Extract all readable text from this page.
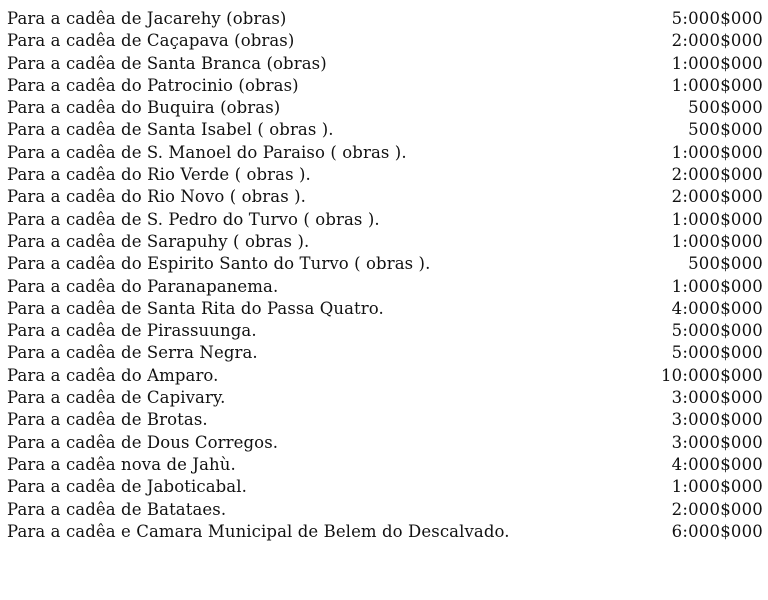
Para a cadêa de Jacarehy (obras)	5:000$000
Para a cadêa de Caçapava (obras)	2:000$000
Para a cadêa de Santa Branca (obras)	1:000$000
Para a cadêa do Patrocinio (obras)	1:000$000
Para a cadêa do Buquira (obras)	500$000
Para a cadêa de Santa Isabel ( obras ).	500$000
Para a cadêa de S. Manoel do Paraiso ( obras ).	1:000$000
Para a cadêa do Rio Verde ( obras ).	2:000$000
Para a cadêa do Rio Novo ( obras ).	2:000$000
Para a cadêa de S. Pedro do Turvo ( obras ).	1:000$000
Para a cadêa de Sarapuhy ( obras ).	1:000$000
Para a cadêa do Espirito Santo do Turvo ( obras ).	500$000
Para a cadêa do Paranapanema.	1:000$000
Para a cadêa de Santa Rita do Passa Quatro.	4:000$000
Para a cadêa de Pirassuunga.	5:000$000
Para a cadêa de Serra Negra.	5:000$000
Para a cadêa do Amparo.	10:000$000
Para a cadêa de Capivary.	3:000$000
Para a cadêa de Brotas.	3:000$000
Para a cadêa de Dous Corregos.	3:000$000
Para a cadêa nova de Jahù.	4:000$000
Para a cadêa de Jaboticabal.	1:000$000
Para a cadêa de Batataes.	2:000$000
Para a cadêa e Camara Municipal de Belem do Descalvado.	6:000$000
